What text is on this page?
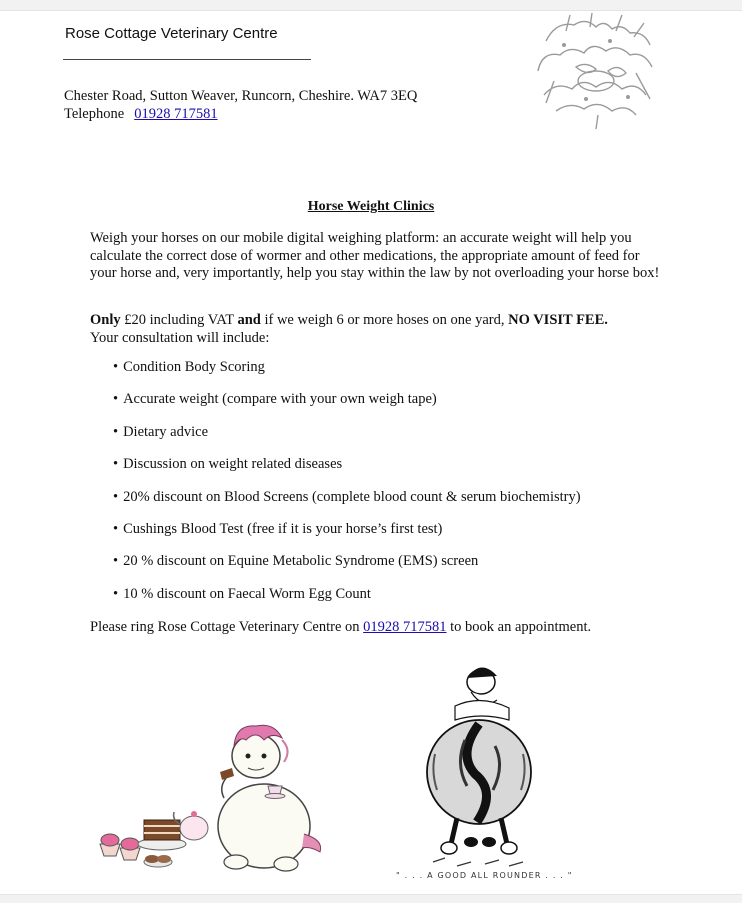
Rose Cottage Veterinary Centre
Chester Road, Sutton Weaver, Runcorn, Cheshire. WA7 3EQ
Telephone 01928 717581
Horse Weight Clinics

Weigh your horses on our mobile digital weighing platform: an accurate weight will help you calculate the correct dose of wormer and other medications, the appropriate amount of feed for your horse and, very importantly, help you stay within the law by not overloading your horse box!

Only £20 including VAT and if we weigh 6 or more hoses on one yard, NO VISIT FEE.
Your consultation will include:

• Condition Body Scoring
• Accurate weight (compare with your own weigh tape)
• Dietary advice
• Discussion on weight related diseases
• 20% discount on Blood Screens (complete blood count & serum biochemistry)
• Cushings Blood Test (free if it is your horse’s first test)
• 20 % discount on Equine Metabolic Syndrome (EMS) screen
• 10 % discount on Faecal Worm Egg Count

Please ring Rose Cottage Veterinary Centre on 01928 717581 to book an appointment.

" . . . A GOOD ALL ROUNDER . . . "
